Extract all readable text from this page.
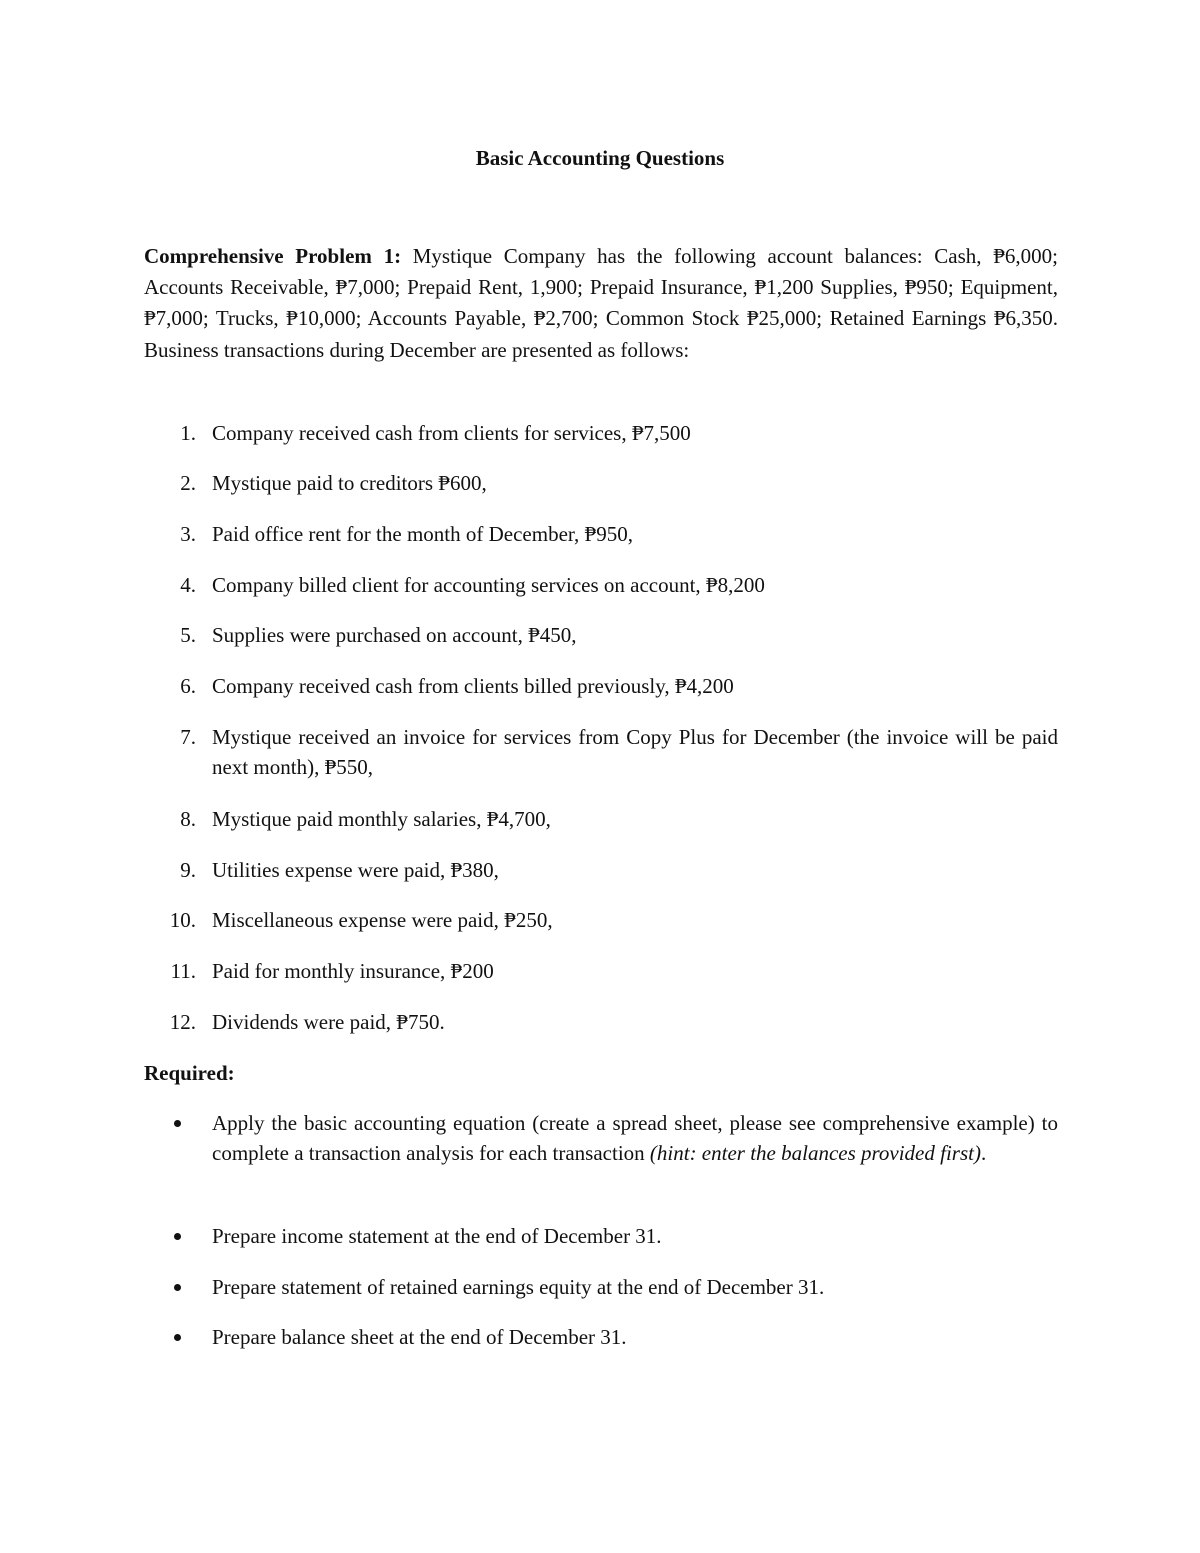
Basic Accounting Questions

Comprehensive Problem 1: Mystique Company has the following account balances: Cash, ₱6,000; Accounts Receivable, ₱7,000; Prepaid Rent, 1,900; Prepaid Insurance, ₱1,200 Supplies, ₱950; Equipment, ₱7,000; Trucks, ₱10,000; Accounts Payable, ₱2,700; Common Stock ₱25,000; Retained Earnings ₱6,350. Business transactions during December are presented as follows:

1. Company received cash from clients for services, ₱7,500
2. Mystique paid to creditors ₱600,
3. Paid office rent for the month of December, ₱950,
4. Company billed client for accounting services on account, ₱8,200
5. Supplies were purchased on account, ₱450,
6. Company received cash from clients billed previously, ₱4,200
7. Mystique received an invoice for services from Copy Plus for December (the invoice will be paid next month), ₱550,
8. Mystique paid monthly salaries, ₱4,700,
9. Utilities expense were paid, ₱380,
10. Miscellaneous expense were paid, ₱250,
11. Paid for monthly insurance, ₱200
12. Dividends were paid, ₱750.
Required:
Apply the basic accounting equation (create a spread sheet, please see comprehensive example) to complete a transaction analysis for each transaction (hint: enter the balances provided first).
Prepare income statement at the end of December 31.
Prepare statement of retained earnings equity at the end of December 31.
Prepare balance sheet at the end of December 31.
